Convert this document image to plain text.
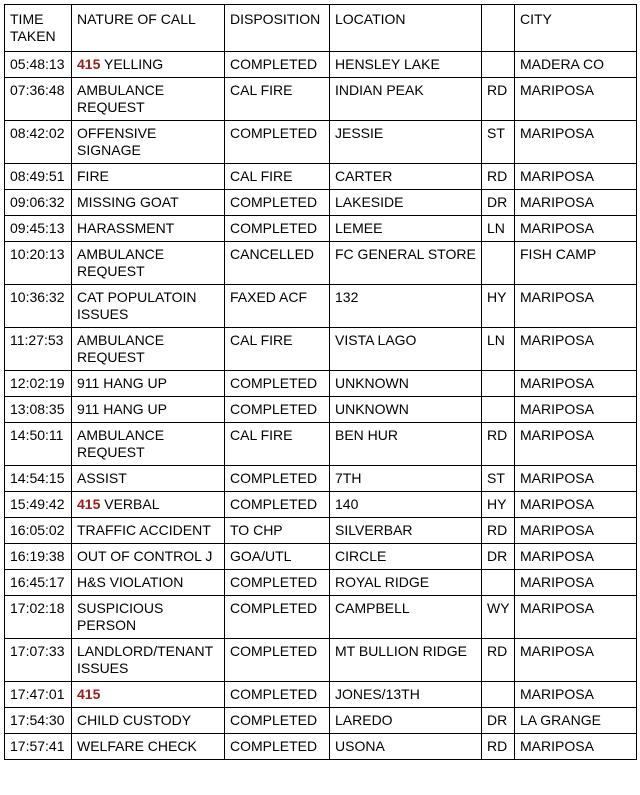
TIME TAKEN	NATURE OF CALL	DISPOSITION	LOCATION		CITY
05:48:13	415 YELLING	COMPLETED	HENSLEY LAKE		MADERA CO
07:36:48	AMBULANCE REQUEST	CAL FIRE	INDIAN PEAK	RD	MARIPOSA
08:42:02	OFFENSIVE SIGNAGE	COMPLETED	JESSIE	ST	MARIPOSA
08:49:51	FIRE	CAL FIRE	CARTER	RD	MARIPOSA
09:06:32	MISSING GOAT	COMPLETED	LAKESIDE	DR	MARIPOSA
09:45:13	HARASSMENT	COMPLETED	LEMEE	LN	MARIPOSA
10:20:13	AMBULANCE REQUEST	CANCELLED	FC GENERAL STORE		FISH CAMP
10:36:32	CAT POPULATOIN ISSUES	FAXED ACF	132	HY	MARIPOSA
11:27:53	AMBULANCE REQUEST	CAL FIRE	VISTA LAGO	LN	MARIPOSA
12:02:19	911 HANG UP	COMPLETED	UNKNOWN		MARIPOSA
13:08:35	911 HANG UP	COMPLETED	UNKNOWN		MARIPOSA
14:50:11	AMBULANCE REQUEST	CAL FIRE	BEN HUR	RD	MARIPOSA
14:54:15	ASSIST	COMPLETED	7TH	ST	MARIPOSA
15:49:42	415 VERBAL	COMPLETED	140	HY	MARIPOSA
16:05:02	TRAFFIC ACCIDENT	TO CHP	SILVERBAR	RD	MARIPOSA
16:19:38	OUT OF CONTROL J	GOA/UTL	CIRCLE	DR	MARIPOSA
16:45:17	H&S VIOLATION	COMPLETED	ROYAL RIDGE		MARIPOSA
17:02:18	SUSPICIOUS PERSON	COMPLETED	CAMPBELL	WY	MARIPOSA
17:07:33	LANDLORD/TENANT ISSUES	COMPLETED	MT BULLION RIDGE	RD	MARIPOSA
17:47:01	415	COMPLETED	JONES/13TH		MARIPOSA
17:54:30	CHILD CUSTODY	COMPLETED	LAREDO	DR	LA GRANGE
17:57:41	WELFARE CHECK	COMPLETED	USONA	RD	MARIPOSA
